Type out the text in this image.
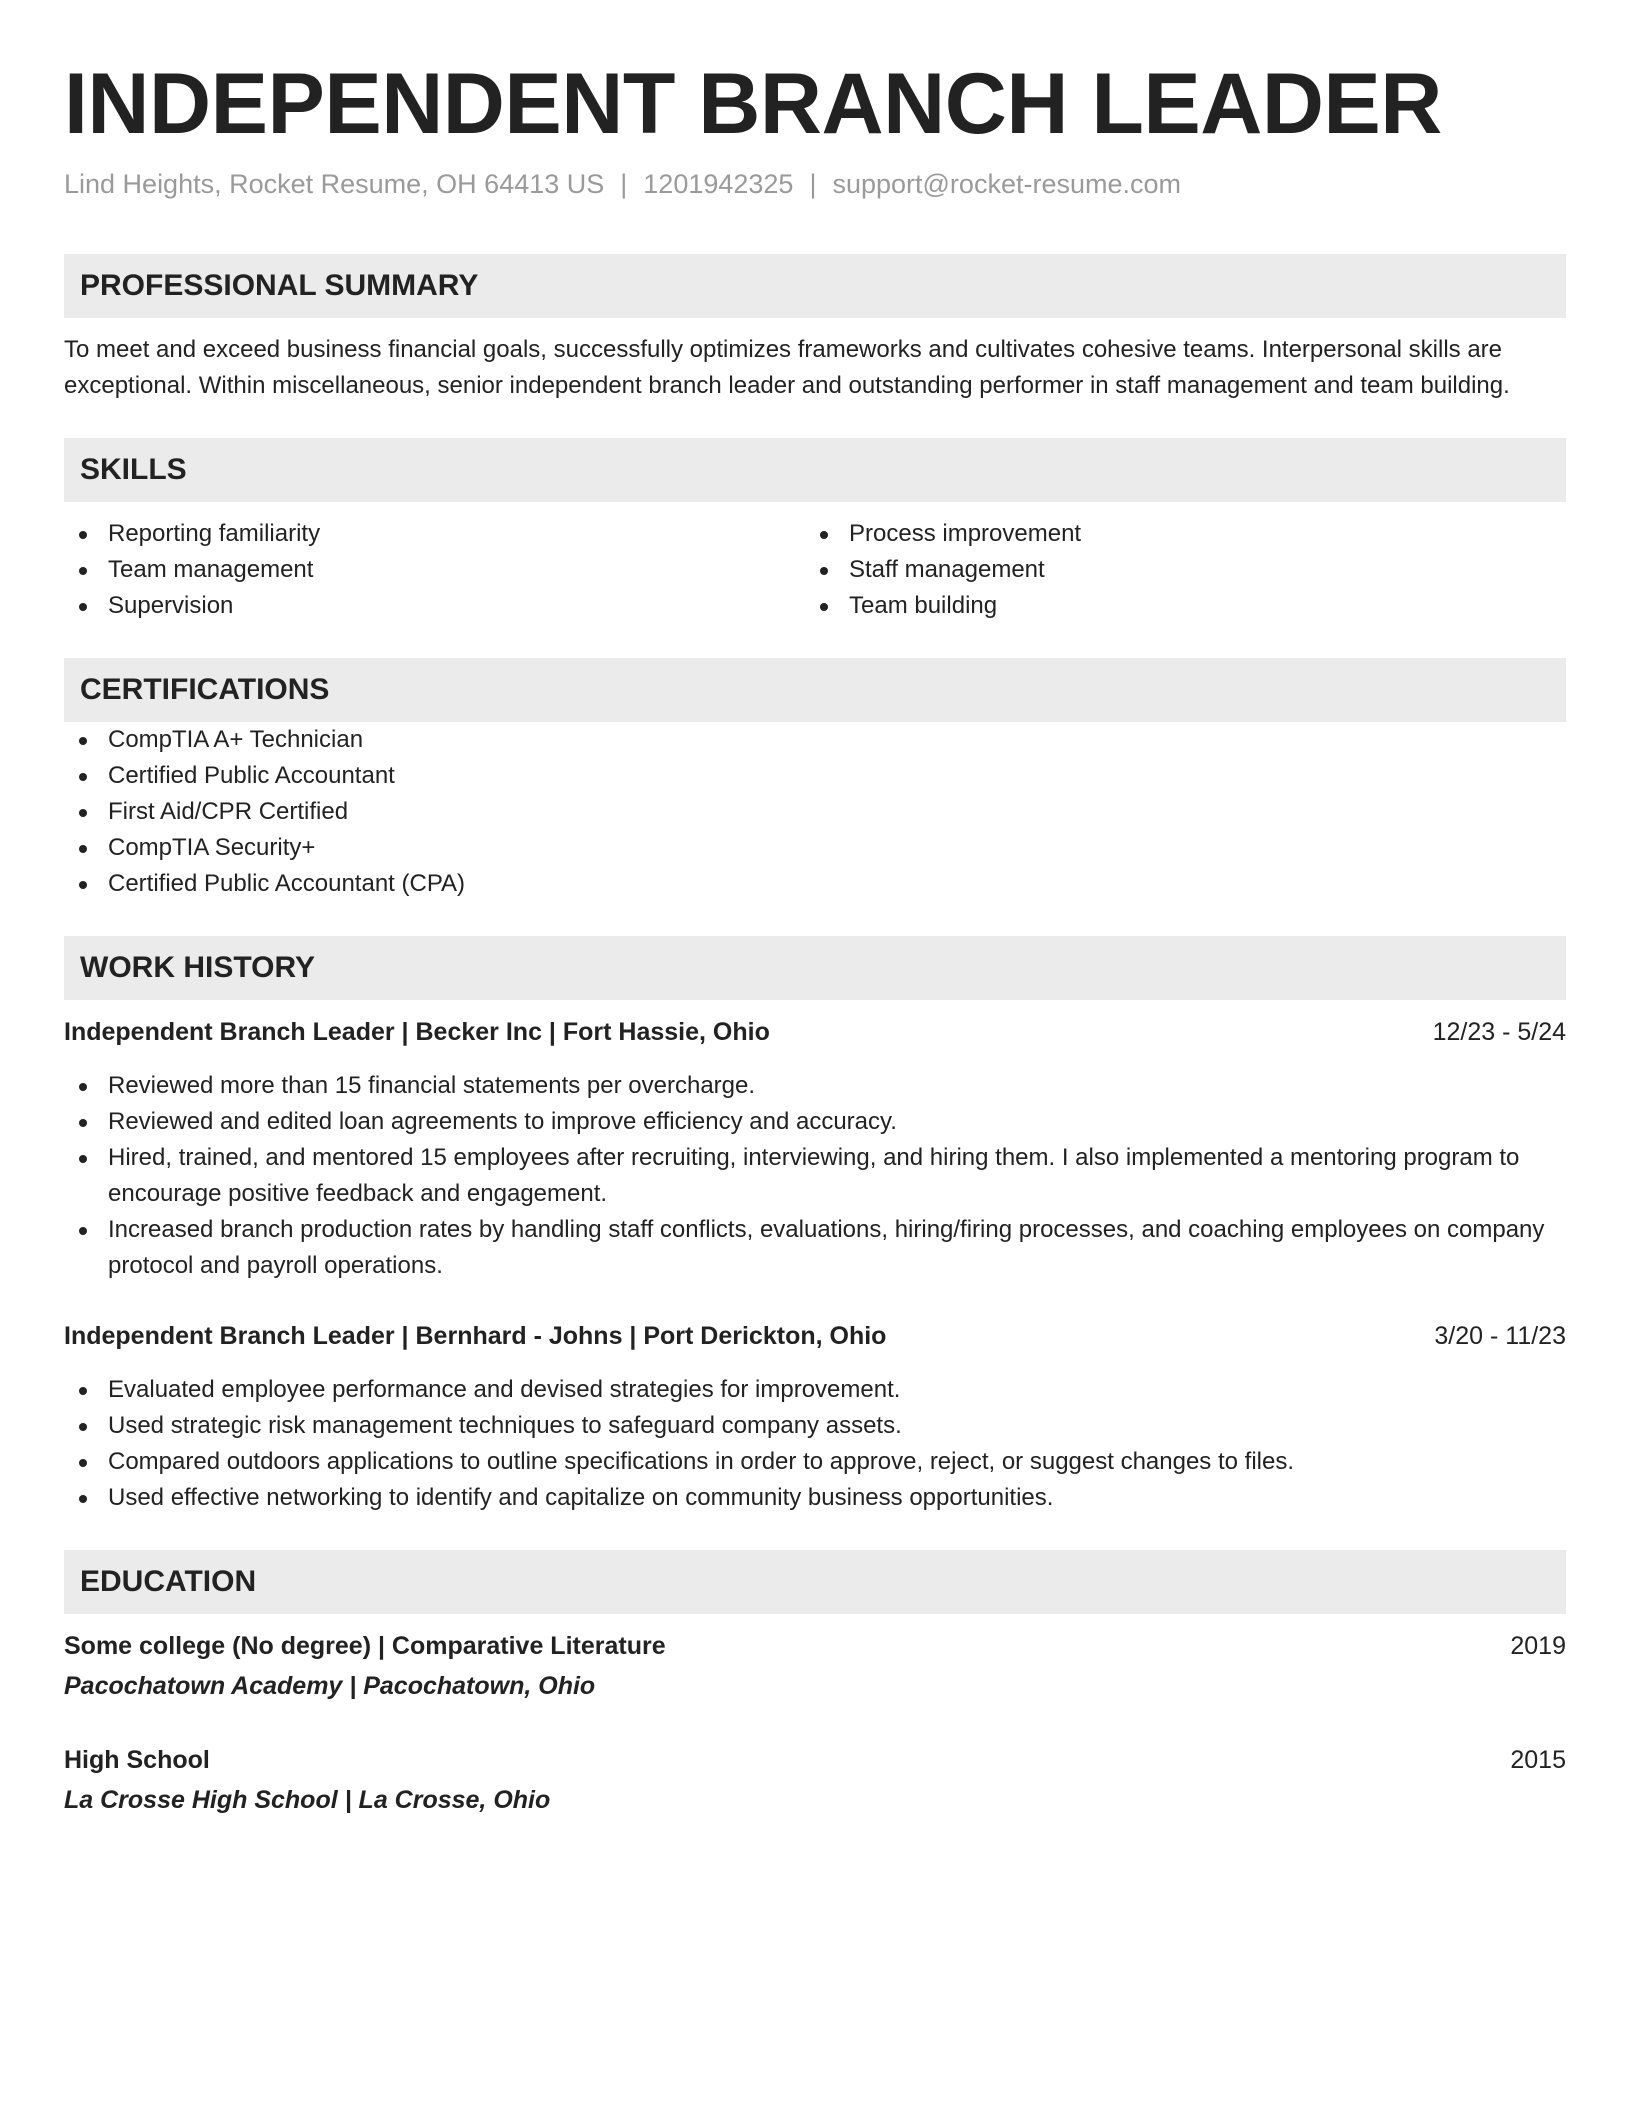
INDEPENDENT BRANCH LEADER
Lind Heights, Rocket Resume, OH 64413 US | 1201942325 | support@rocket-resume.com
PROFESSIONAL SUMMARY
To meet and exceed business financial goals, successfully optimizes frameworks and cultivates cohesive teams. Interpersonal skills are exceptional. Within miscellaneous, senior independent branch leader and outstanding performer in staff management and team building.
SKILLS
Reporting familiarity
Team management
Supervision
Process improvement
Staff management
Team building
CERTIFICATIONS
CompTIA A+ Technician
Certified Public Accountant
First Aid/CPR Certified
CompTIA Security+
Certified Public Accountant (CPA)
WORK HISTORY
Independent Branch Leader | Becker Inc | Fort Hassie, Ohio	12/23 - 5/24
Reviewed more than 15 financial statements per overcharge.
Reviewed and edited loan agreements to improve efficiency and accuracy.
Hired, trained, and mentored 15 employees after recruiting, interviewing, and hiring them. I also implemented a mentoring program to encourage positive feedback and engagement.
Increased branch production rates by handling staff conflicts, evaluations, hiring/firing processes, and coaching employees on company protocol and payroll operations.
Independent Branch Leader | Bernhard - Johns | Port Derickton, Ohio	3/20 - 11/23
Evaluated employee performance and devised strategies for improvement.
Used strategic risk management techniques to safeguard company assets.
Compared outdoors applications to outline specifications in order to approve, reject, or suggest changes to files.
Used effective networking to identify and capitalize on community business opportunities.
EDUCATION
Some college (No degree) | Comparative Literature	2019
Pacochatown Academy | Pacochatown, Ohio
High School	2015
La Crosse High School | La Crosse, Ohio
